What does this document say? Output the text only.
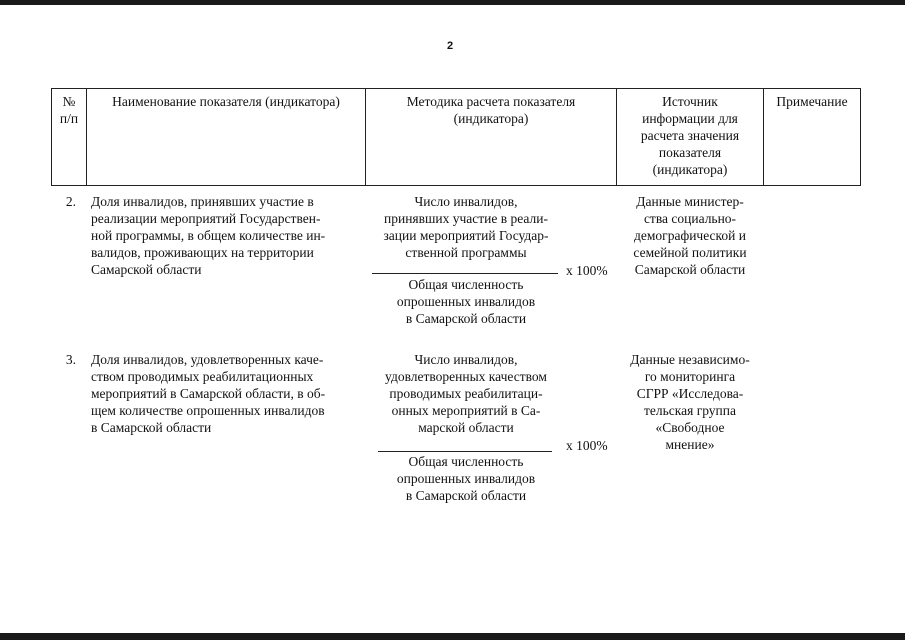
2
№
п/п
Наименование показателя (индикатора)	Методика расчета показателя
(индикатора)
Источник
информации для
расчета значения
показателя
(индикатора)
Примечание
2. Доля инвалидов, принявших участие в
реализации мероприятий Государствен-
ной программы, в общем количестве ин-
валидов, проживающих на территории
Самарской области
Число инвалидов,
принявших участие в реали-
зации мероприятий Государ-
ственной программы
x 100%
Общая численность
опрошенных инвалидов
в Самарской области
Данные министер-
ства социально-
демографической и
семейной политики
Самарской области
3. Доля инвалидов, удовлетворенных каче-
ством проводимых реабилитационных
мероприятий в Самарской области, в об-
щем количестве опрошенных инвалидов
в Самарской области
Число инвалидов,
удовлетворенных качеством
проводимых реабилитаци-
онных мероприятий в Са-
марской области
x 100%
Общая численность
опрошенных инвалидов
в Самарской области
Данные независимо-
го мониторинга
СГРР «Исследова-
тельская группа
«Свободное
мнение»
